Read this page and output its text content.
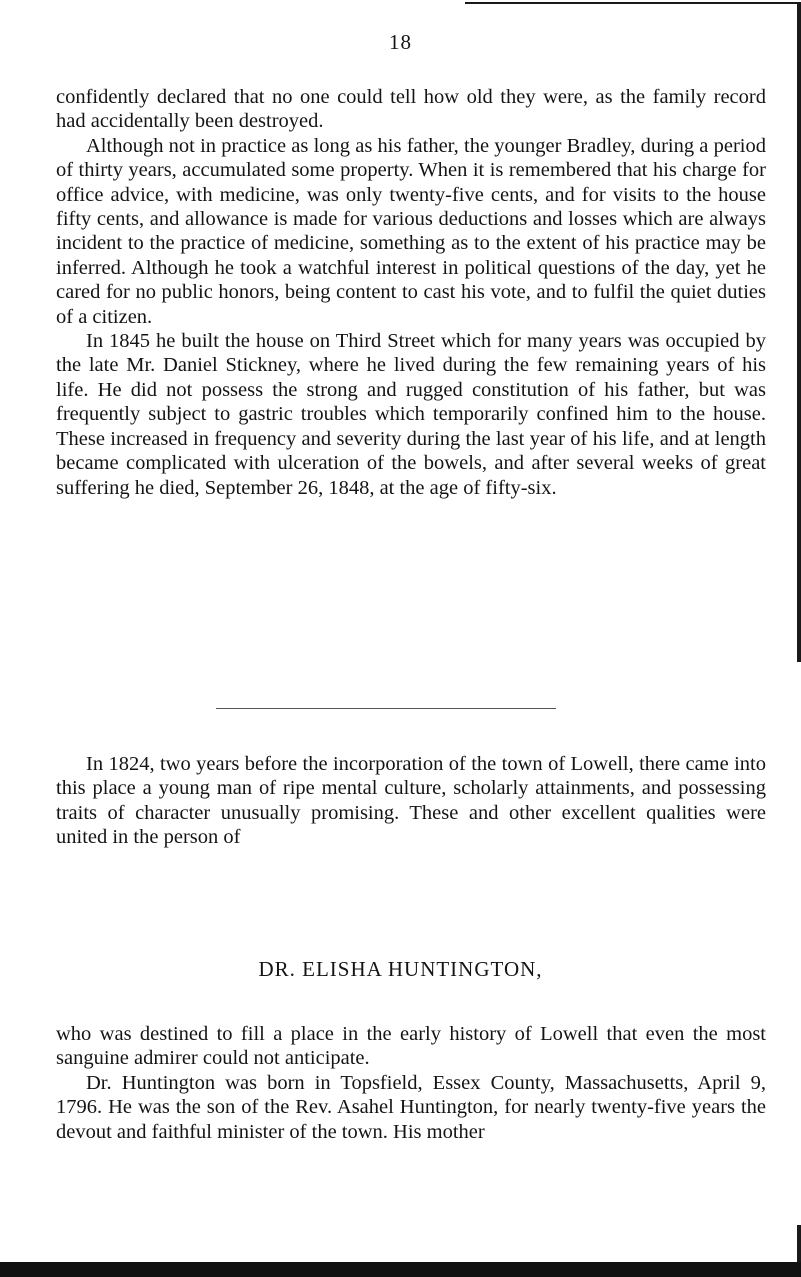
18

confidently declared that no one could tell how old they were, as the family record had accidentally been destroyed.

Although not in practice as long as his father, the younger Bradley, during a period of thirty years, accumulated some property. When it is remembered that his charge for office advice, with medicine, was only twenty-five cents, and for visits to the house fifty cents, and allowance is made for various deductions and losses which are always incident to the practice of medicine, something as to the extent of his practice may be inferred. Although he took a watchful interest in political questions of the day, yet he cared for no public honors, being content to cast his vote, and to fulfil the quiet duties of a citizen.

In 1845 he built the house on Third Street which for many years was occupied by the late Mr. Daniel Stickney, where he lived during the few remaining years of his life. He did not possess the strong and rugged constitution of his father, but was frequently subject to gastric troubles which temporarily confined him to the house. These increased in frequency and severity during the last year of his life, and at length became complicated with ulceration of the bowels, and after several weeks of great suffering he died, September 26, 1848, at the age of fifty-six.

In 1824, two years before the incorporation of the town of Lowell, there came into this place a young man of ripe mental culture, scholarly attainments, and possessing traits of character unusually promising. These and other excellent qualities were united in the person of

DR. ELISHA HUNTINGTON,

who was destined to fill a place in the early history of Lowell that even the most sanguine admirer could not anticipate.

Dr. Huntington was born in Topsfield, Essex County, Massachusetts, April 9, 1796. He was the son of the Rev. Asahel Huntington, for nearly twenty-five years the devout and faithful minister of the town. His mother
